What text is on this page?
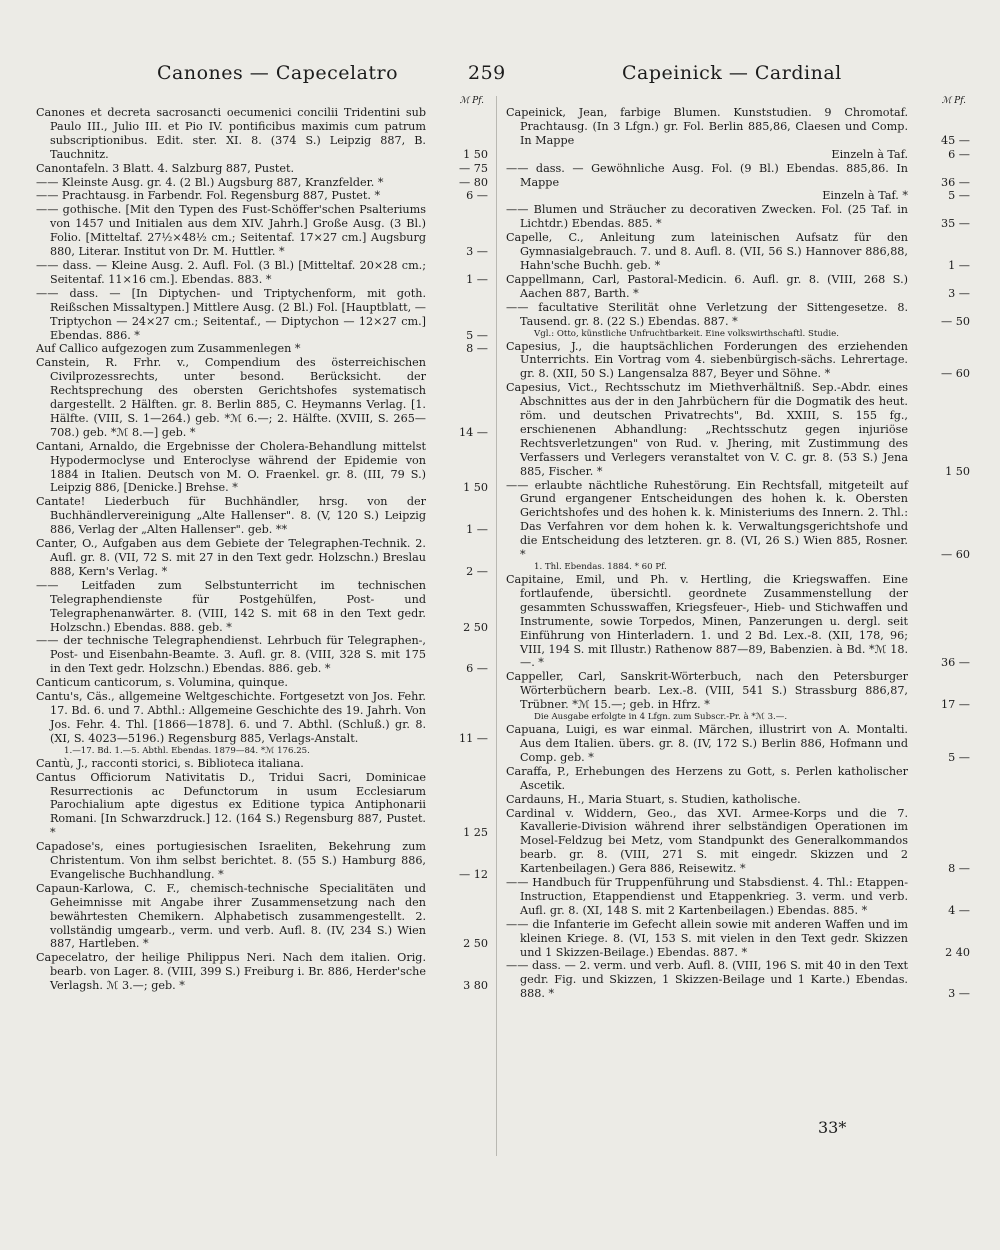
Canones — Capecelatro	259	Capeinick — Cardinal
ℳ Pf.
Canones et decreta sacrosancti oecumenici concilii Tridentini sub Paulo III., Julio III. et Pio IV. pontificibus maximis cum patrum subscriptionibus. Edit. ster. XI. 8. (374 S.) Leipzig 887, B. Tauchnitz.	1 50
Canontafeln. 3 Blatt. 4. Salzburg 887, Pustet.	— 75
—— Kleinste Ausg. gr. 4. (2 Bl.) Augsburg 887, Kranzfelder. *	— 80
—— Prachtausg. in Farbendr. Fol. Regensburg 887, Pustet. *	6 —
—— gothische. [Mit den Typen des Fust-Schöffer'schen Psalteriums von 1457 und Initialen aus dem XIV. Jahrh.] Große Ausg. (3 Bl.) Folio. [Mitteltaf. 27½×48½ cm.; Seitentaf. 17×27 cm.] Augsburg 880, Literar. Institut von Dr. M. Huttler. *	3 —
—— dass. — Kleine Ausg. 2. Aufl. Fol. (3 Bl.) [Mitteltaf. 20×28 cm.; Seitentaf. 11×16 cm.]. Ebendas. 883. *	1 —
—— dass. — [In Diptychen- und Triptychenform, mit goth. Reißschen Missaltypen.] Mittlere Ausg. (2 Bl.) Fol. [Hauptblatt, — Triptychon — 24×27 cm.; Seitentaf., — Diptychon — 12×27 cm.] Ebendas. 886. *	5 —
Auf Callico aufgezogen zum Zusammenlegen *	8 —
Canstein, R. Frhr. v., Compendium des österreichischen Civilprozessrechts, unter besond. Berücksicht. der Rechtsprechung des obersten Gerichtshofes systematisch dargestellt. 2 Hälften. gr. 8. Berlin 885, C. Heymanns Verlag. [1. Hälfte. (VIII, S. 1—264.) geb. *ℳ 6.—; 2. Hälfte. (XVIII, S. 265—708.) geb. *ℳ 8.—] geb. *	14 —
Cantani, Arnaldo, die Ergebnisse der Cholera-Behandlung mittelst Hypodermoclyse und Enteroclyse während der Epidemie von 1884 in Italien. Deutsch von M. O. Fraenkel. gr. 8. (III, 79 S.) Leipzig 886, [Denicke.] Brehse. *	1 50
Cantate! Liederbuch für Buchhändler, hrsg. von der Buchhändlervereinigung „Alte Hallenser". 8. (V, 120 S.) Leipzig 886, Verlag der „Alten Hallenser". geb. **	1 —
Canter, O., Aufgaben aus dem Gebiete der Telegraphen-Technik. 2. Aufl. gr. 8. (VII, 72 S. mit 27 in den Text gedr. Holzschn.) Breslau 888, Kern's Verlag. *	2 —
—— Leitfaden zum Selbstunterricht im technischen Telegraphendienste für Postgehülfen, Post- und Telegraphenanwärter. 8. (VIII, 142 S. mit 68 in den Text gedr. Holzschn.) Ebendas. 888. geb. *	2 50
—— der technische Telegraphendienst. Lehrbuch für Telegraphen-, Post- und Eisenbahn-Beamte. 3. Aufl. gr. 8. (VIII, 328 S. mit 175 in den Text gedr. Holzschn.) Ebendas. 886. geb. *	6 —
Canticum canticorum, s. Volumina, quinque.
Cantu's, Cäs., allgemeine Weltgeschichte. Fortgesetzt von Jos. Fehr. 17. Bd. 6. und 7. Abthl.: Allgemeine Geschichte des 19. Jahrh. Von Jos. Fehr. 4. Thl. [1866—1878]. 6. und 7. Abthl. (Schluß.) gr. 8. (XI, S. 4023—5196.) Regensburg 885, Verlags-Anstalt.	11 —
1.—17. Bd. 1.—5. Abthl. Ebendas. 1879—84. *ℳ 176.25.
Cantù, J., racconti storici, s. Biblioteca italiana.
Cantus Officiorum Nativitatis D., Tridui Sacri, Dominicae Resurrectionis ac Defunctorum in usum Ecclesiarum Parochialium apte digestus ex Editione typica Antiphonarii Romani. [In Schwarzdruck.] 12. (164 S.) Regensburg 887, Pustet. *	1 25
Capadose's, eines portugiesischen Israeliten, Bekehrung zum Christentum. Von ihm selbst berichtet. 8. (55 S.) Hamburg 886, Evangelische Buchhandlung. *	— 12
Capaun-Karlowa, C. F., chemisch-technische Specialitäten und Geheimnisse mit Angabe ihrer Zusammensetzung nach den bewährtesten Chemikern. Alphabetisch zusammengestellt. 2. vollständig umgearb., verm. und verb. Aufl. 8. (IV, 234 S.) Wien 887, Hartleben. *	2 50
Capecelatro, der heilige Philippus Neri. Nach dem italien. Orig. bearb. von Lager. 8. (VIII, 399 S.) Freiburg i. Br. 886, Herder'sche Verlagsh. ℳ 3.—; geb. *	3 80
ℳ Pf.
Capeinick, Jean, farbige Blumen. Kunststudien. 9 Chromotaf. Prachtausg. (In 3 Lfgn.) gr. Fol. Berlin 885,86, Claesen und Comp. In Mappe	45 —
Einzeln à Taf.	6 —
—— dass. — Gewöhnliche Ausg. Fol. (9 Bl.) Ebendas. 885,86. In Mappe	36 —
Einzeln à Taf. *	5 —
—— Blumen und Sträucher zu decorativen Zwecken. Fol. (25 Taf. in Lichtdr.) Ebendas. 885. *	35 —
Capelle, C., Anleitung zum lateinischen Aufsatz für den Gymnasialgebrauch. 7. und 8. Aufl. 8. (VII, 56 S.) Hannover 886,88, Hahn'sche Buchh. geb. *	1 —
Cappellmann, Carl, Pastoral-Medicin. 6. Aufl. gr. 8. (VIII, 268 S.) Aachen 887, Barth. *	3 —
—— facultative Sterilität ohne Verletzung der Sittengesetze. 8. Tausend. gr. 8. (22 S.) Ebendas. 887. *	— 50
Vgl.: Otto, künstliche Unfruchtbarkeit. Eine volkswirthschaftl. Studie.
Capesius, J., die hauptsächlichen Forderungen des erziehenden Unterrichts. Ein Vortrag vom 4. siebenbürgisch-sächs. Lehrertage. gr. 8. (XII, 50 S.) Langensalza 887, Beyer und Söhne. *	— 60
Capesius, Vict., Rechtsschutz im Miethverhältniß. Sep.-Abdr. eines Abschnittes aus der in den Jahrbüchern für die Dogmatik des heut. röm. und deutschen Privatrechts", Bd. XXIII, S. 155 fg., erschienenen Abhandlung: „Rechtsschutz gegen injuriöse Rechtsverletzungen" von Rud. v. Jhering, mit Zustimmung des Verfassers und Verlegers veranstaltet von V. C. gr. 8. (53 S.) Jena 885, Fischer. *	1 50
—— erlaubte nächtliche Ruhestörung. Ein Rechtsfall, mitgeteilt auf Grund ergangener Entscheidungen des hohen k. k. Obersten Gerichtshofes und des hohen k. k. Ministeriums des Innern. 2. Thl.: Das Verfahren vor dem hohen k. k. Verwaltungsgerichtshofe und die Entscheidung des letzteren. gr. 8. (VI, 26 S.) Wien 885, Rosner. *	— 60
1. Thl. Ebendas. 1884. * 60 Pf.
Capitaine, Emil, und Ph. v. Hertling, die Kriegswaffen. Eine fortlaufende, übersichtl. geordnete Zusammenstellung der gesammten Schusswaffen, Kriegsfeuer-, Hieb- und Stichwaffen und Instrumente, sowie Torpedos, Minen, Panzerungen u. dergl. seit Einführung von Hinterladern. 1. und 2 Bd. Lex.-8. (XII, 178, 96; VIII, 194 S. mit Illustr.) Rathenow 887—89, Babenzien. à Bd. *ℳ 18.—. *	36 —
Cappeller, Carl, Sanskrit-Wörterbuch, nach den Petersburger Wörterbüchern bearb. Lex.-8. (VIII, 541 S.) Strassburg 886,87, Trübner. *ℳ 15.—; geb. in Hfrz. *	17 —
Die Ausgabe erfolgte in 4 Lfgn. zum Subscr.-Pr. à *ℳ 3.—.
Capuana, Luigi, es war einmal. Märchen, illustrirt von A. Montalti. Aus dem Italien. übers. gr. 8. (IV, 172 S.) Berlin 886, Hofmann und Comp. geb. *	5 —
Caraffa, P., Erhebungen des Herzens zu Gott, s. Perlen katholischer Ascetik.
Cardauns, H., Maria Stuart, s. Studien, katholische.
Cardinal v. Widdern, Geo., das XVI. Armee-Korps und die 7. Kavallerie-Division während ihrer selbständigen Operationen im Mosel-Feldzug bei Metz, vom Standpunkt des Generalkommandos bearb. gr. 8. (VIII, 271 S. mit eingedr. Skizzen und 2 Kartenbeilagen.) Gera 886, Reisewitz. *	8 —
—— Handbuch für Truppenführung und Stabsdienst. 4. Thl.: Etappen-Instruction, Etappendienst und Etappenkrieg. 3. verm. und verb. Aufl. gr. 8. (XI, 148 S. mit 2 Kartenbeilagen.) Ebendas. 885. *	4 —
—— die Infanterie im Gefecht allein sowie mit anderen Waffen und im kleinen Kriege. 8. (VI, 153 S. mit vielen in den Text gedr. Skizzen und 1 Skizzen-Beilage.) Ebendas. 887. *	2 40
—— dass. — 2. verm. und verb. Aufl. 8. (VIII, 196 S. mit 40 in den Text gedr. Fig. und Skizzen, 1 Skizzen-Beilage und 1 Karte.) Ebendas. 888. *	3 —
33*
